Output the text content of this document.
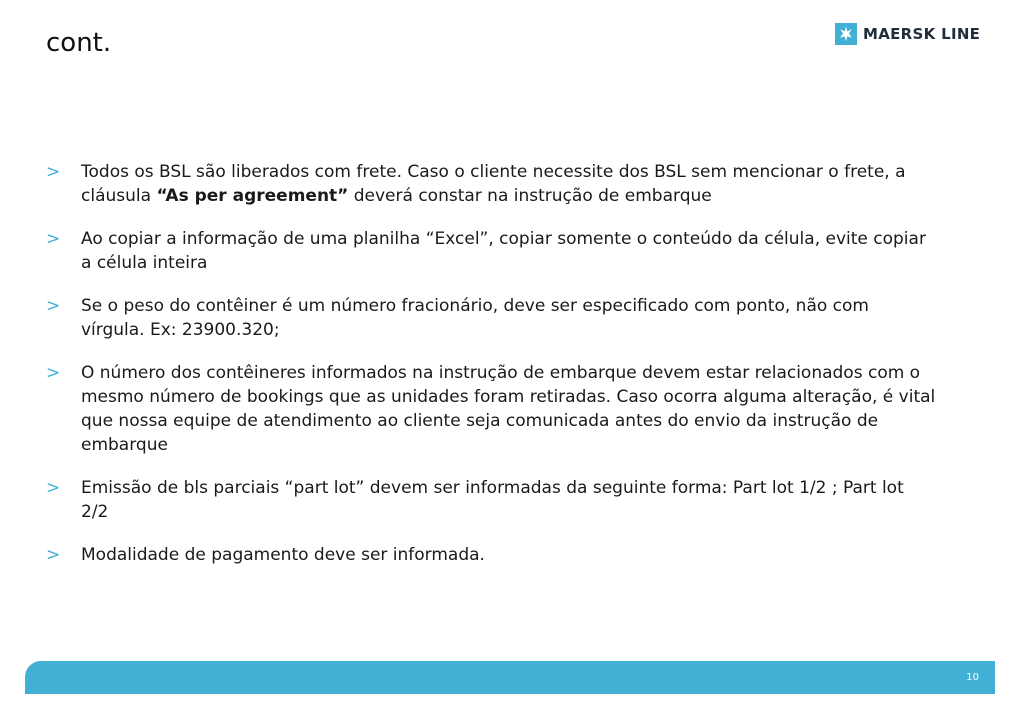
cont.	MAERSK LINE
>	Todos os BSL são liberados com frete. Caso o cliente necessite dos BSL sem mencionar o frete, a cláusula “As per agreement” deverá constar na instrução de embarque
>	Ao copiar a informação de uma planilha “Excel”, copiar somente o conteúdo da célula, evite copiar a célula inteira
>	Se o peso do contêiner é um número fracionário, deve ser especificado com ponto, não com vírgula. Ex: 23900.320;
>	O número dos contêineres informados na instrução de embarque devem estar relacionados com o mesmo número de bookings que as unidades foram retiradas. Caso ocorra alguma alteração, é vital que nossa equipe de atendimento ao cliente seja comunicada antes do envio da instrução de embarque
>	Emissão de bls parciais “part lot” devem ser informadas da seguinte forma: Part lot 1/2 ; Part lot 2/2
>	Modalidade de pagamento deve ser informada.
10
